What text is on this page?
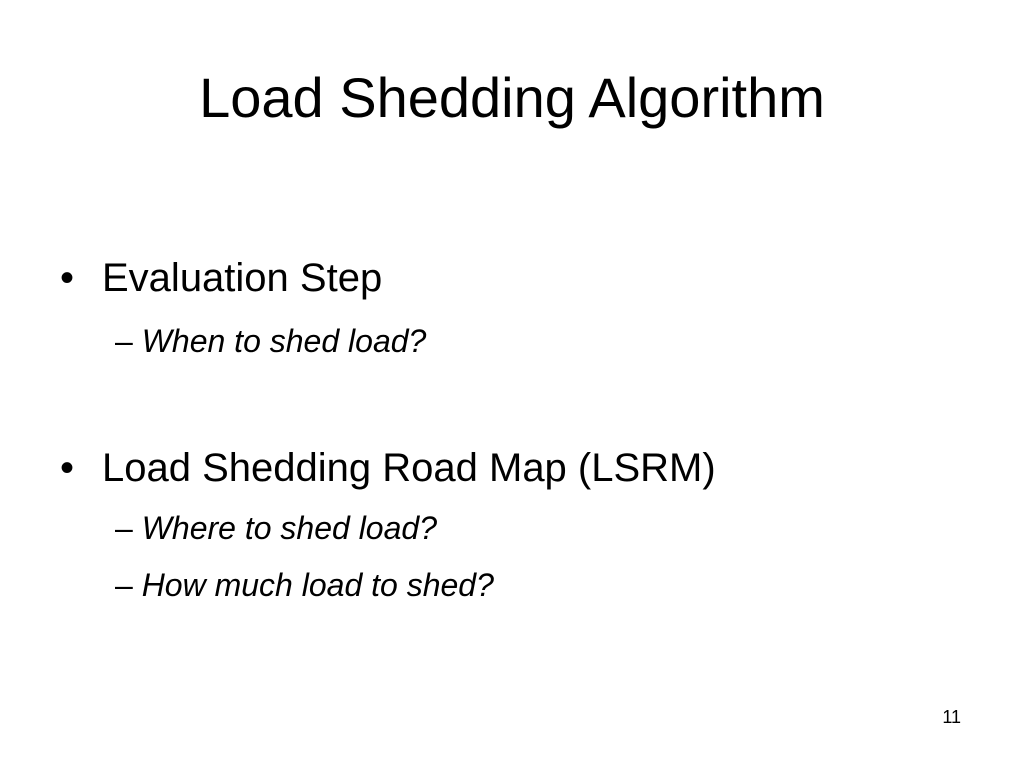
Load Shedding Algorithm
• Evaluation Step
– When to shed load?
• Load Shedding Road Map (LSRM)
– Where to shed load?
– How much load to shed?
11
